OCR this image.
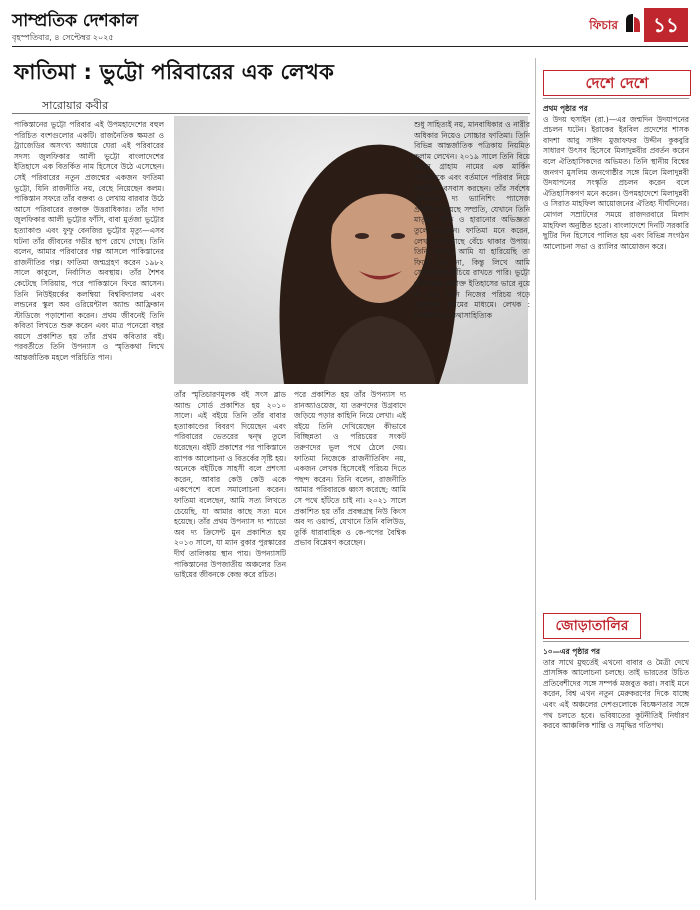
সাম্প্রতিক দেশকাল
বৃহস্পতিবার, ৪ সেপ্টেম্বর ২০২৫
ফিচার	১১
ফাতিমা : ভুট্টো পরিবারের এক লেখক
সারোয়ার কবীর

পাকিস্তানের ভুট্টো পরিবার এই উপমহাদেশের বহুল পরিচিত বংশগুলোর একটি। রাজনৈতিক ক্ষমতা ও ট্র্যাজেডির অসংখ্য অধ্যায়ে ঘেরা এই পরিবারের সদস্য জুলফিকার আলী ভুট্টো বাংলাদেশের ইতিহাসে এক বিতর্কিত নাম হিসেবে উঠে এসেছেন। সেই পরিবারের নতুন প্রজন্মের একজন ফাতিমা ভুট্টো, যিনি রাজনীতি নয়, বেছে নিয়েছেন কলম। পাকিস্তান সফরে তাঁর বক্তব্য ও লেখায় বারবার উঠে আসে পরিবারের রক্তাক্ত উত্তরাধিকার। তাঁর দাদা জুলফিকার আলী ভুট্টোর ফাঁসি, বাবা মুর্তজা ভুট্টোর হত্যাকাণ্ড এবং ফুফু বেনজির ভুট্টোর মৃত্যু—এসব ঘটনা তাঁর জীবনের গভীর ছাপ রেখে গেছে। তিনি বলেন, আমার পরিবারের গল্প আসলে পাকিস্তানের রাজনীতির গল্প। ফাতিমা জন্মগ্রহণ করেন ১৯৮২ সালে কাবুলে, নির্বাসিত অবস্থায়। তাঁর শৈশব কেটেছে সিরিয়ায়, পরে পাকিস্তানে ফিরে আসেন। তিনি নিউইয়র্কের কলম্বিয়া বিশ্ববিদ্যালয় এবং লন্ডনের স্কুল অব ওরিয়েন্টাল অ্যান্ড আফ্রিকান স্টাডিজে পড়াশোনা করেন। প্রথম জীবনেই তিনি কবিতা লিখতে শুরু করেন এবং মাত্র পনেরো বছর বয়সে প্রকাশিত হয় তাঁর প্রথম কবিতার বই। পরবর্তীতে তিনি উপন্যাস ও স্মৃতিকথা লিখে আন্তর্জাতিক মহলে পরিচিতি পান।

তাঁর স্মৃতিচারণমূলক বই সংস ব্লাড অ্যান্ড সোর্ড প্রকাশিত হয় ২০১০ সালে। এই বইয়ে তিনি তাঁর বাবার হত্যাকাণ্ডের বিবরণ দিয়েছেন এবং পরিবারের ভেতরের দ্বন্দ্ব তুলে ধরেছেন। বইটি প্রকাশের পর পাকিস্তানে ব্যাপক আলোচনা ও বিতর্কের সৃষ্টি হয়। অনেকে বইটিকে সাহসী বলে প্রশংসা করেন, আবার কেউ কেউ একে একপেশে বলে সমালোচনা করেন। ফাতিমা বলেছেন, আমি সত্য লিখতে চেয়েছি, যা আমার কাছে সত্য মনে হয়েছে। তাঁর প্রথম উপন্যাস দ্য শ্যাডো অব দ্য ক্রিসেন্ট মুন প্রকাশিত হয় ২০১৩ সালে, যা ম্যান বুকার পুরস্কারের দীর্ঘ তালিকায় স্থান পায়। উপন্যাসটি পাকিস্তানের উপজাতীয় অঞ্চলের তিন ভাইয়ের জীবনকে কেন্দ্র করে রচিত।

পরে প্রকাশিত হয় তাঁর উপন্যাস দ্য রানঅ্যাওয়েজ, যা তরুণদের উগ্রবাদে জড়িয়ে পড়ার কাহিনি নিয়ে লেখা। এই বইয়ে তিনি দেখিয়েছেন কীভাবে বিচ্ছিন্নতা ও পরিচয়ের সংকট তরুণদের ভুল পথে ঠেলে দেয়। ফাতিমা নিজেকে রাজনীতিবিদ নয়, একজন লেখক হিসেবেই পরিচয় দিতে পছন্দ করেন। তিনি বলেন, রাজনীতি আমার পরিবারকে ধ্বংস করেছে; আমি সে পথে হাঁটতে চাই না। ২০২১ সালে প্রকাশিত হয় তাঁর প্রবন্ধগ্রন্থ নিউ কিংস অব দ্য ওয়ার্ল্ড, যেখানে তিনি বলিউড, তুর্কি ধারাবাহিক ও কে-পপের বৈশ্বিক প্রভাব বিশ্লেষণ করেছেন।

শুধু সাহিত্যই নয়, মানবাধিকার ও নারীর অধিকার নিয়েও সোচ্চার ফাতিমা। তিনি বিভিন্ন আন্তর্জাতিক পত্রিকায় নিয়মিত কলাম লেখেন। ২০১৯ সালে তিনি বিয়ে করেন গ্রাহাম নামের এক মার্কিন নাগরিককে এবং বর্তমানে পরিবার নিয়ে করাচিতে বসবাস করছেন। তাঁর সর্বশেষ স্মৃতিকথা দ্য ভ্যানিশিং প্যাসেজ প্রকাশিত হয়েছে সম্প্রতি, যেখানে তিনি মাতৃত্ব, স্মৃতি ও হারানোর অভিজ্ঞতা তুলে ধরেছেন। ফাতিমা মনে করেন, লেখা তাঁর কাছে বেঁচে থাকার উপায়। তিনি বলেন, আমি যা হারিয়েছি তা ফিরে পাব না, কিন্তু লিখে আমি সেগুলোকে বাঁচিয়ে রাখতে পারি। ভুট্টো পরিবারের রক্তাক্ত ইতিহাসের ভারে নুয়ে না পড়ে তিনি নিজের পরিচয় গড়ে তুলেছেন কলমের মাধ্যমে। লেখক : সাংবাদিক ও কথাসাহিত্যিক

দেশে দেশে

প্রথম পৃষ্ঠার পর

ও উদয় হুসাইন (রা.)—এর জন্মদিন উদযাপনের প্রচলন ঘটেন। ইরাকের ইরবিল প্রদেশের শাসক বাদশা আবু সাঈদ মুজাফফর উদ্দীন কুকবুরি সাধারণ উৎসব হিসেবে মিলাদুন্নবীর প্রবর্তন করেন বলে ঐতিহাসিকদের অভিমত। তিনি স্থানীয় বিশ্বের জনগণ মুসলিম জনগোষ্ঠীর সঙ্গে মিলে মিলাদুন্নবী উদযাপনের সংস্কৃতি প্রচলন করেন বলে ঐতিহাসিকগণ মনে করেন। উপমহাদেশে মিলাদুন্নবী ও সিরাত মাহফিল আয়োজনের ঐতিহ্য দীর্ঘদিনের। মোগল সম্রাটদের সময়ে রাজদরবারে মিলাদ মাহফিল অনুষ্ঠিত হতো। বাংলাদেশে দিনটি সরকারি ছুটির দিন হিসেবে পালিত হয় এবং বিভিন্ন সংগঠন আলোচনা সভা ও র‍্যালির আয়োজন করে।

জোড়াতালির

১০—এর পৃষ্ঠার পর

তার সাথে মুহুর্তেই এখনো বাবার ও মৈত্রী দেখে প্রাসঙ্গিক আলোচনা চলছে। তাই ভারতের উচিত প্রতিবেশীদের সঙ্গে সম্পর্ক মজবুত করা। সবাই মনে করেন, বিশ্ব এখন নতুন মেরুকরণের দিকে যাচ্ছে এবং এই অঞ্চলের দেশগুলোকে বিচক্ষণতার সঙ্গে পথ চলতে হবে। ভবিষ্যতের কূটনীতিই নির্ধারণ করবে আঞ্চলিক শান্তি ও সমৃদ্ধির গতিপথ।
